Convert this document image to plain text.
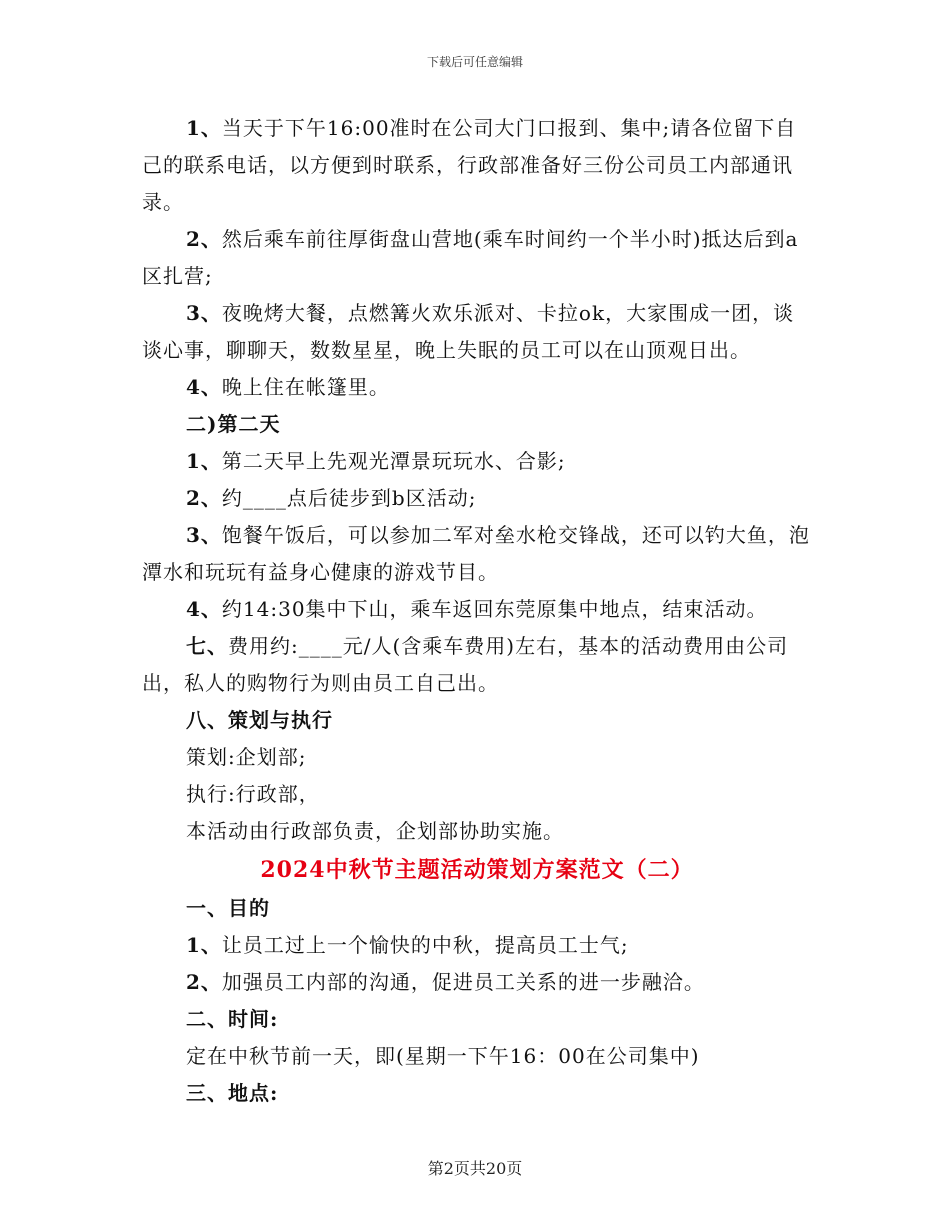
下载后可任意编辑

1、当天于下午16:00准时在公司大门口报到、集中;请各位留下自己的联系电话，以方便到时联系，行政部准备好三份公司员工内部通讯录。

2、然后乘车前往厚街盘山营地(乘车时间约一个半小时)抵达后到a区扎营;

3、夜晚烤大餐，点燃篝火欢乐派对、卡拉ok，大家围成一团，谈谈心事，聊聊天，数数星星，晚上失眠的员工可以在山顶观日出。

4、晚上住在帐篷里。

二)第二天

1、第二天早上先观光潭景玩玩水、合影;

2、约____点后徒步到b区活动;

3、饱餐午饭后，可以参加二军对垒水枪交锋战，还可以钓大鱼，泡潭水和玩玩有益身心健康的游戏节目。

4、约14:30集中下山，乘车返回东莞原集中地点，结束活动。

七、费用约:____元/人(含乘车费用)左右，基本的活动费用由公司出，私人的购物行为则由员工自己出。

八、策划与执行

策划:企划部;

执行:行政部，

本活动由行政部负责，企划部协助实施。

2024中秋节主题活动策划方案范文（二）

一、目的

1、让员工过上一个愉快的中秋，提高员工士气;

2、加强员工内部的沟通，促进员工关系的进一步融洽。

二、时间:

定在中秋节前一天，即(星期一下午16：00在公司集中)

三、地点:

第2页共20页
